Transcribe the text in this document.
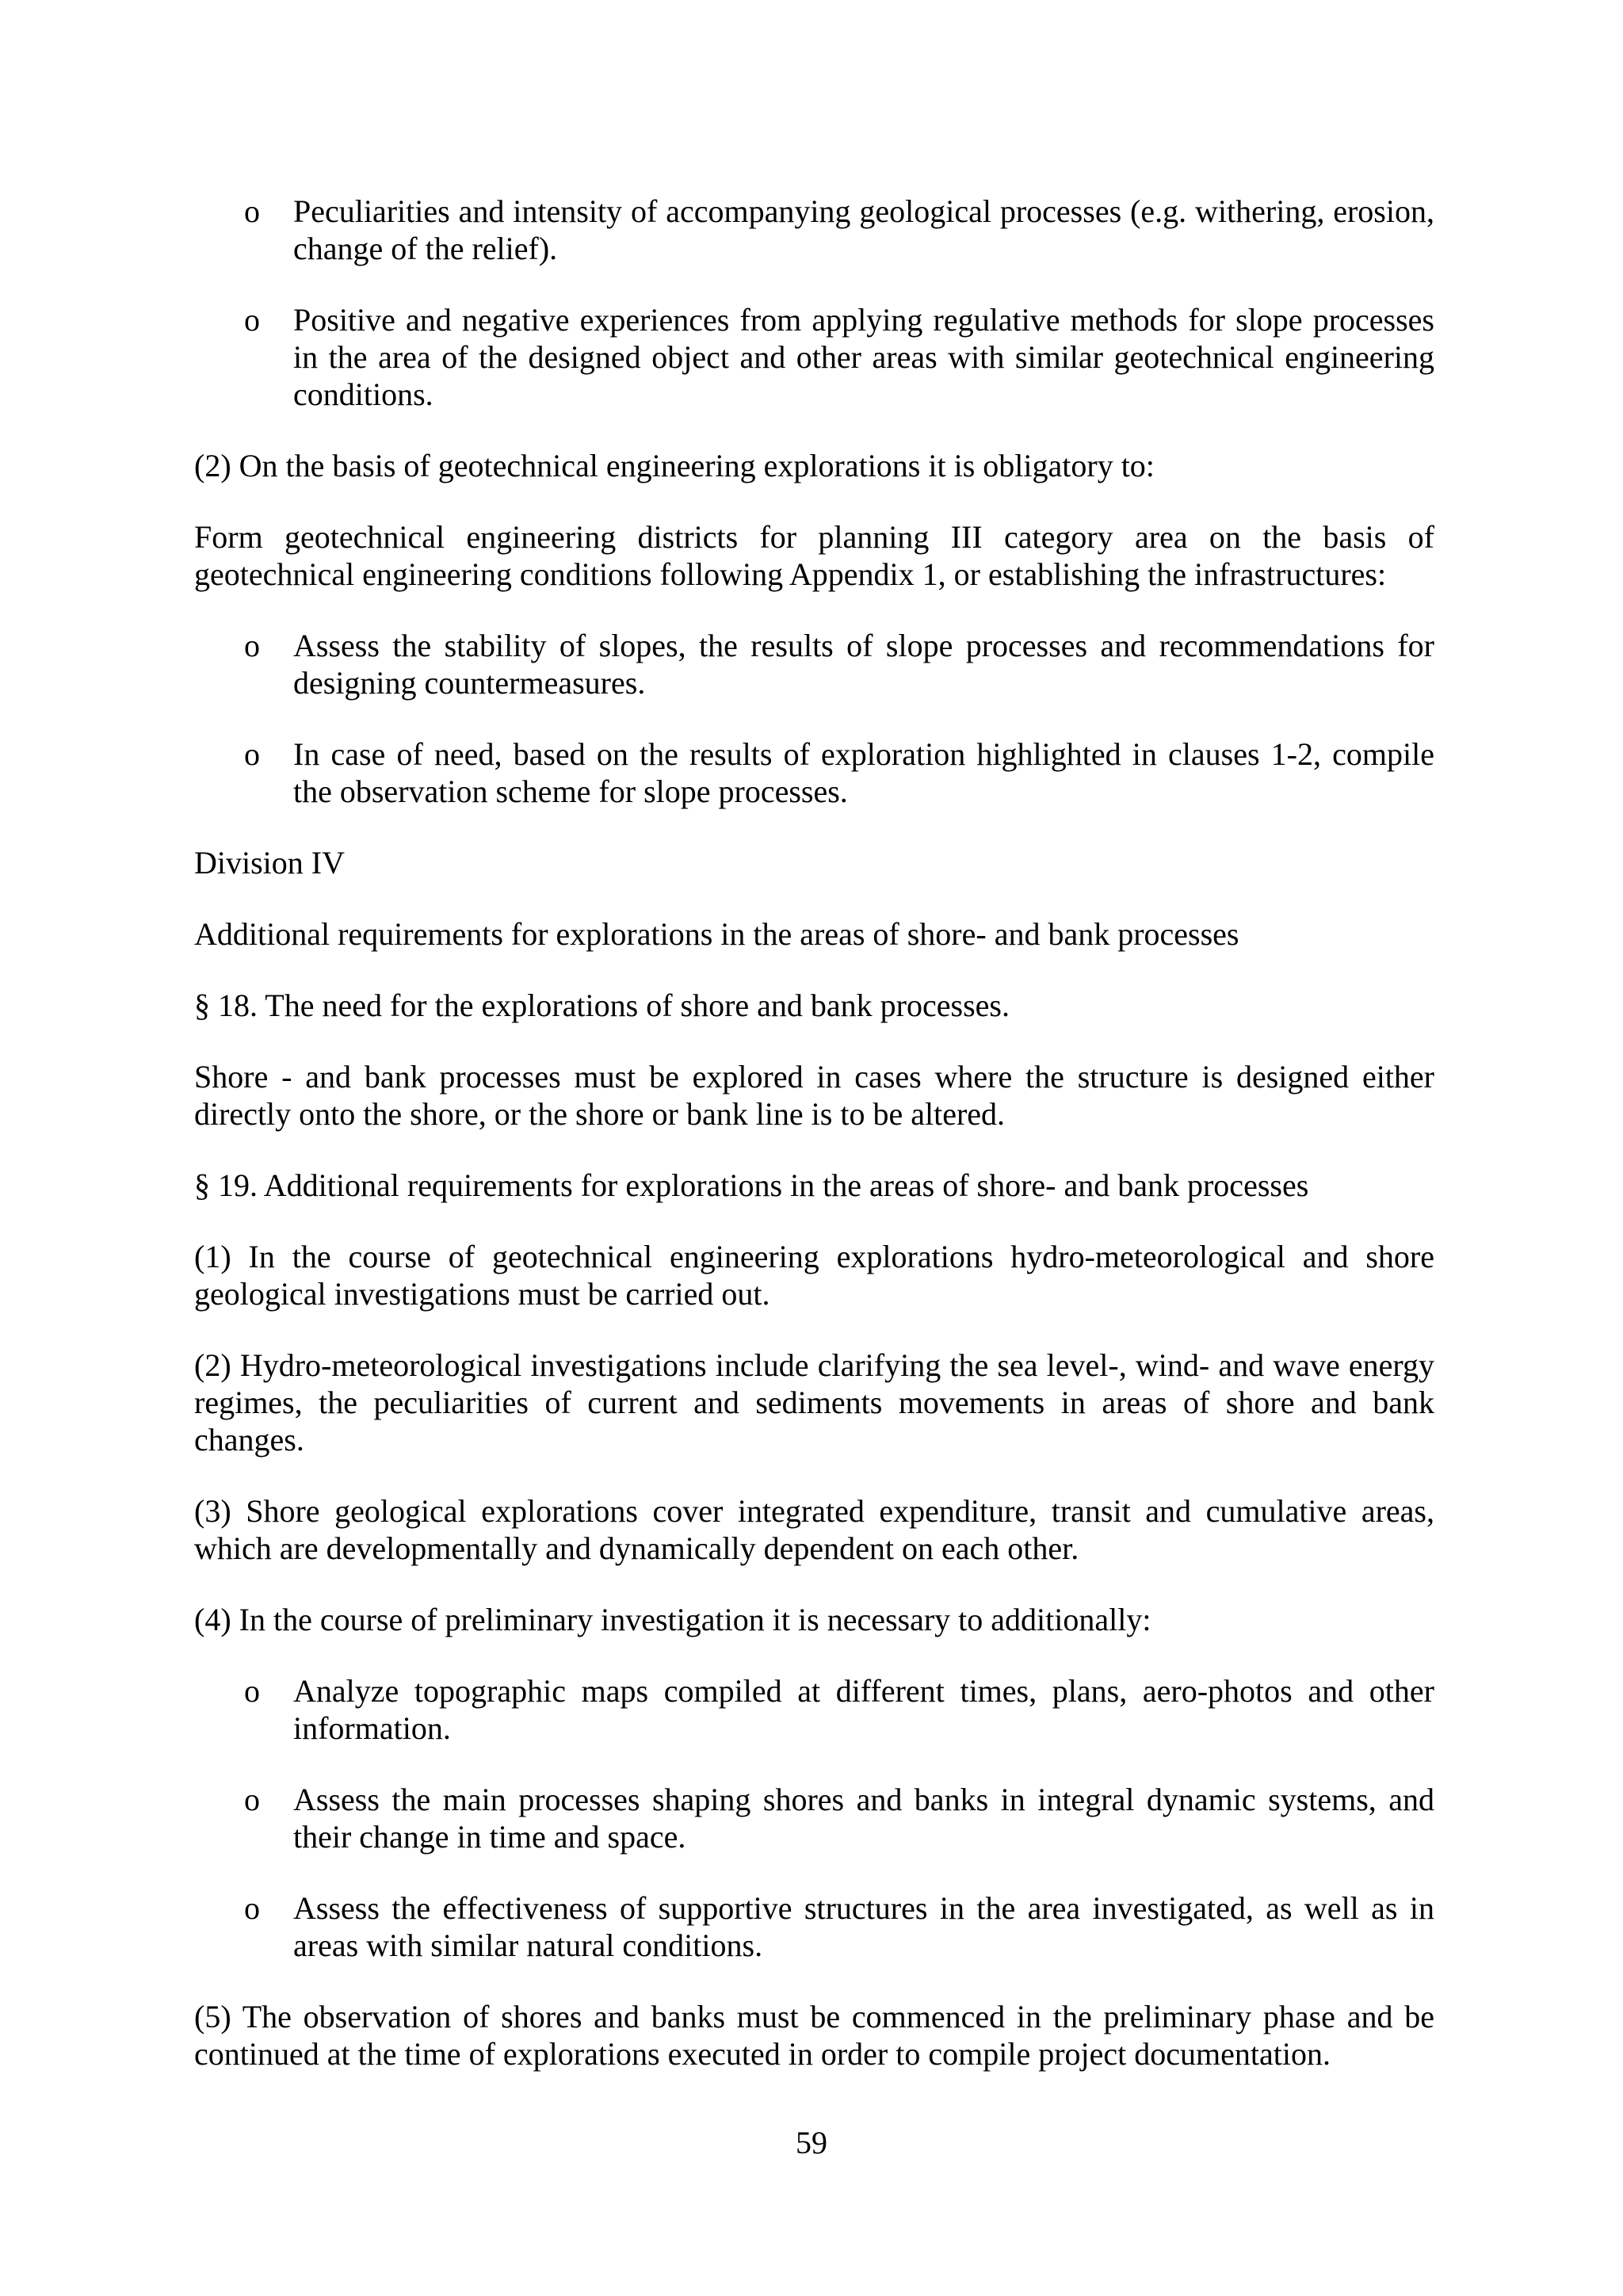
o Peculiarities and intensity of accompanying geological processes (e.g. withering, erosion, change of the relief).
o Positive and negative experiences from applying regulative methods for slope processes in the area of the designed object and other areas with similar geotechnical engineering conditions.

(2) On the basis of geotechnical engineering explorations it is obligatory to:

Form geotechnical engineering districts for planning III category area on the basis of geotechnical engineering conditions following Appendix 1, or establishing the infrastructures:

o Assess the stability of slopes, the results of slope processes and recommendations for designing countermeasures.
o In case of need, based on the results of exploration highlighted in clauses 1-2, compile the observation scheme for slope processes.

Division IV

Additional requirements for explorations in the areas of shore- and bank processes

§ 18. The need for the explorations of shore and bank processes.

Shore - and bank processes must be explored in cases where the structure is designed either directly onto the shore, or the shore or bank line is to be altered.

§ 19. Additional requirements for explorations in the areas of shore- and bank processes

(1) In the course of geotechnical engineering explorations hydro-meteorological and shore geological investigations must be carried out.

(2) Hydro-meteorological investigations include clarifying the sea level-, wind- and wave energy regimes, the peculiarities of current and sediments movements in areas of shore and bank changes.

(3) Shore geological explorations cover integrated expenditure, transit and cumulative areas, which are developmentally and dynamically dependent on each other.

(4) In the course of preliminary investigation it is necessary to additionally:

o Analyze topographic maps compiled at different times, plans, aero-photos and other information.
o Assess the main processes shaping shores and banks in integral dynamic systems, and their change in time and space.
o Assess the effectiveness of supportive structures in the area investigated, as well as in areas with similar natural conditions.

(5) The observation of shores and banks must be commenced in the preliminary phase and be continued at the time of explorations executed in order to compile project documentation.

59
